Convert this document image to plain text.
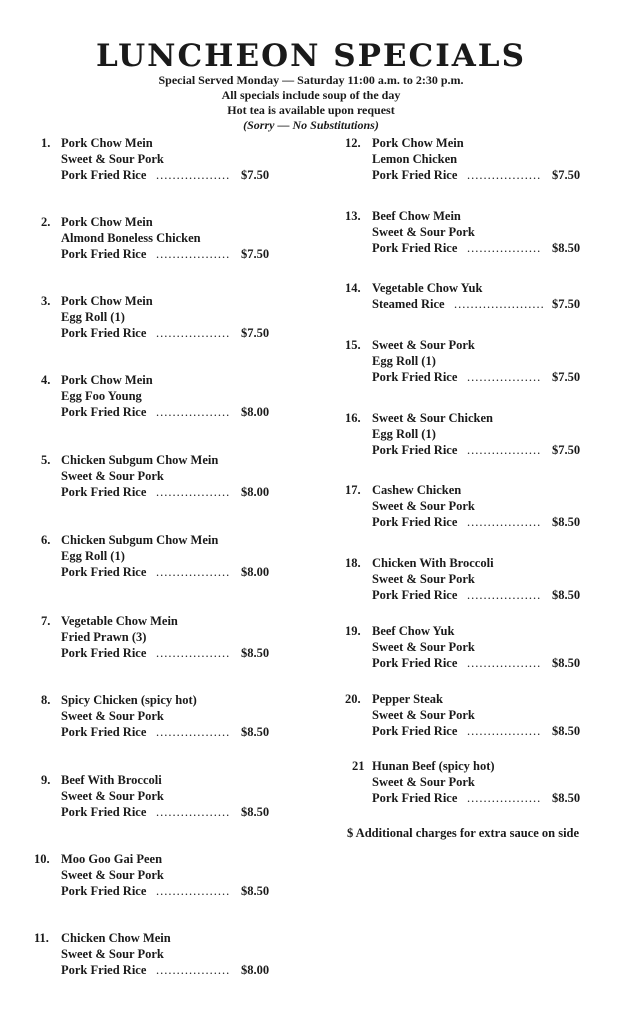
LUNCHEON SPECIALS
Special Served Monday — Saturday 11:00 a.m. to 2:30 p.m.
All specials include soup of the day
Hot tea is available upon request
(Sorry — No Substitutions)
1. Pork Chow Mein
Sweet & Sour Pork
Pork Fried Rice .................. $7.50
2. Pork Chow Mein
Almond Boneless Chicken
Pork Fried Rice .................. $7.50
3. Pork Chow Mein
Egg Roll (1)
Pork Fried Rice .................. $7.50
4. Pork Chow Mein
Egg Foo Young
Pork Fried Rice .................. $8.00
5. Chicken Subgum Chow Mein
Sweet & Sour Pork
Pork Fried Rice .................. $8.00
6. Chicken Subgum Chow Mein
Egg Roll (1)
Pork Fried Rice .................. $8.00
7. Vegetable Chow Mein
Fried Prawn (3)
Pork Fried Rice .................. $8.50
8. Spicy Chicken (spicy hot)
Sweet & Sour Pork
Pork Fried Rice .................. $8.50
9. Beef With Broccoli
Sweet & Sour Pork
Pork Fried Rice .................. $8.50
10. Moo Goo Gai Peen
Sweet & Sour Pork
Pork Fried Rice .................. $8.50
11. Chicken Chow Mein
Sweet & Sour Pork
Pork Fried Rice .................. $8.00
12. Pork Chow Mein
Lemon Chicken
Pork Fried Rice .................. $7.50
13. Beef Chow Mein
Sweet & Sour Pork
Pork Fried Rice .................. $8.50
14. Vegetable Chow Yuk
Steamed Rice ...................... $7.50
15. Sweet & Sour Pork
Egg Roll (1)
Pork Fried Rice .................. $7.50
16. Sweet & Sour Chicken
Egg Roll (1)
Pork Fried Rice .................. $7.50
17. Cashew Chicken
Sweet & Sour Pork
Pork Fried Rice .................. $8.50
18. Chicken With Broccoli
Sweet & Sour Pork
Pork Fried Rice .................. $8.50
19. Beef Chow Yuk
Sweet & Sour Pork
Pork Fried Rice .................. $8.50
20. Pepper Steak
Sweet & Sour Pork
Pork Fried Rice .................. $8.50
21 Hunan Beef (spicy hot)
Sweet & Sour Pork
Pork Fried Rice .................. $8.50
$ Additional charges for extra sauce on side
